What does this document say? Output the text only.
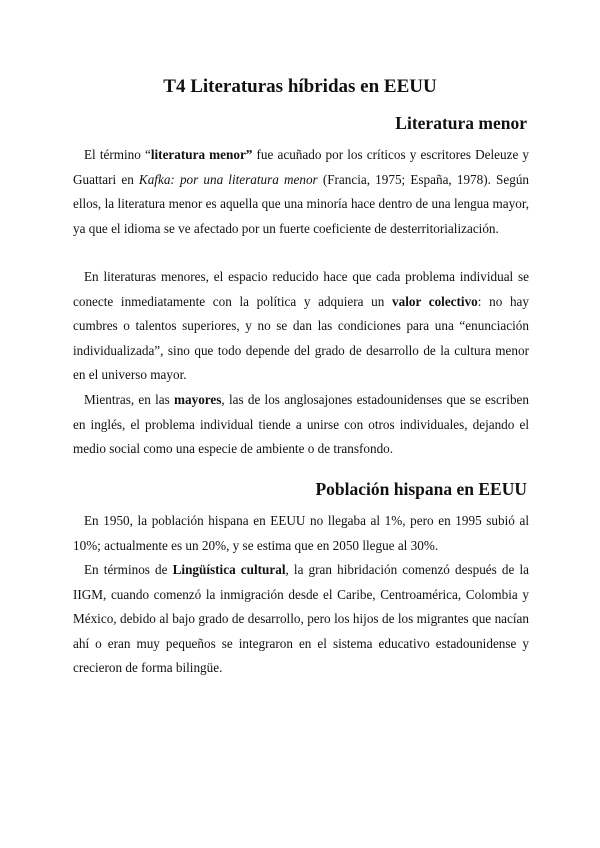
T4 Literaturas híbridas en EEUU
Literatura menor

El término “literatura menor” fue acuñado por los críticos y escritores Deleuze y Guattari en Kafka: por una literatura menor (Francia, 1975; España, 1978). Según ellos, la literatura menor es aquella que una minoría hace dentro de una lengua mayor, ya que el idioma se ve afectado por un fuerte coeficiente de desterritorialización.

En literaturas menores, el espacio reducido hace que cada problema individual se conecte inmediatamente con la política y adquiera un valor colectivo: no hay cumbres o talentos superiores, y no se dan las condiciones para una “enunciación individualizada”, sino que todo depende del grado de desarrollo de la cultura menor en el universo mayor.

Mientras, en las mayores, las de los anglosajones estadounidenses que se escriben en inglés, el problema individual tiende a unirse con otros individuales, dejando el medio social como una especie de ambiente o de transfondo.

Población hispana en EEUU

En 1950, la población hispana en EEUU no llegaba al 1%, pero en 1995 subió al 10%; actualmente es un 20%, y se estima que en 2050 llegue al 30%.

En términos de Lingüística cultural, la gran hibridación comenzó después de la IIGM, cuando comenzó la inmigración desde el Caribe, Centroamérica, Colombia y México, debido al bajo grado de desarrollo, pero los hijos de los migrantes que nacían ahí o eran muy pequeños se integraron en el sistema educativo estadounidense y crecieron de forma bilingüe.
